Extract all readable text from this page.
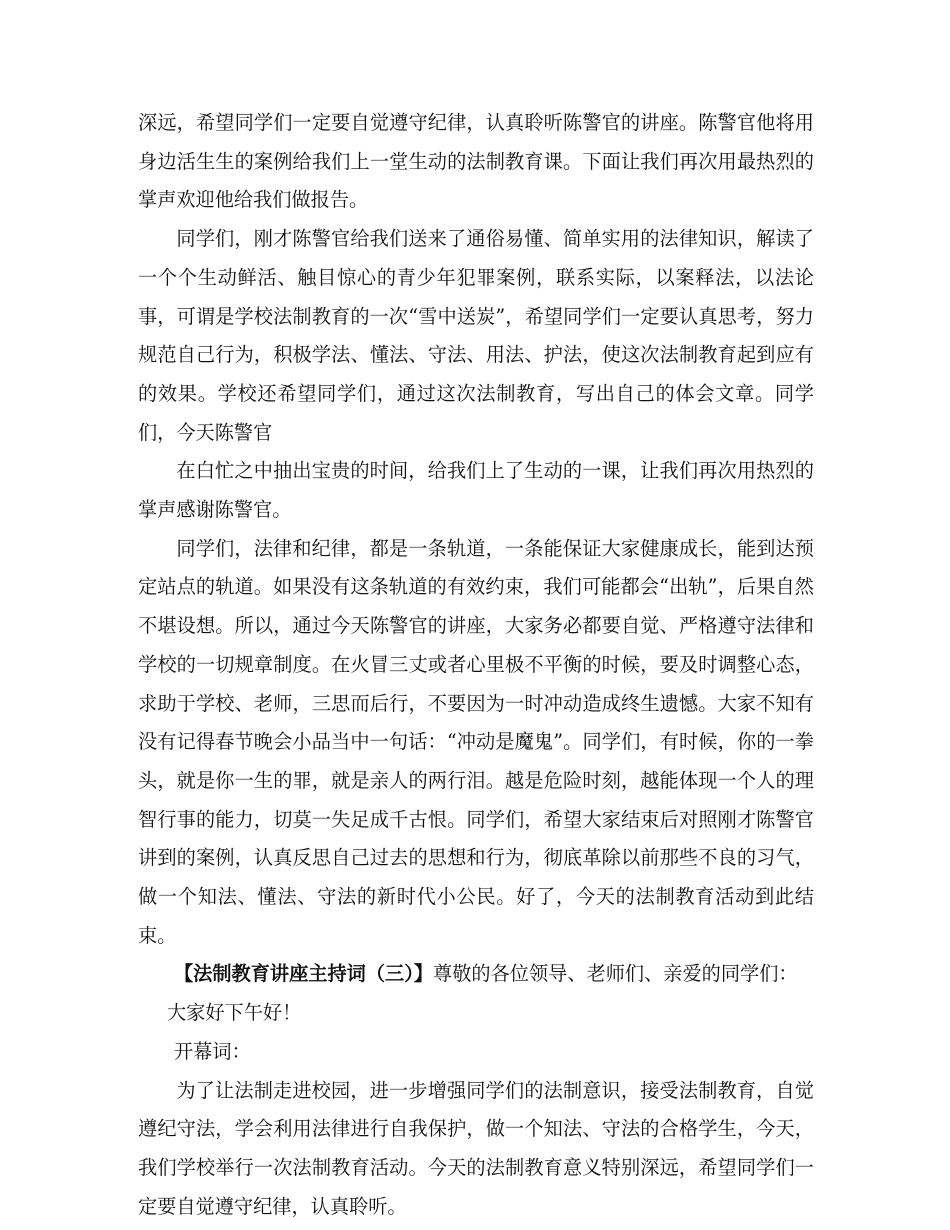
深远，希望同学们一定要自觉遵守纪律，认真聆听陈警官的讲座。陈警官他将用身边活生生的案例给我们上一堂生动的法制教育课。下面让我们再次用最热烈的掌声欢迎他给我们做报告。

同学们，刚才陈警官给我们送来了通俗易懂、简单实用的法律知识，解读了一个个生动鲜活、触目惊心的青少年犯罪案例，联系实际，以案释法，以法论事，可谓是学校法制教育的一次“雪中送炭”，希望同学们一定要认真思考，努力规范自己行为，积极学法、懂法、守法、用法、护法，使这次法制教育起到应有的效果。学校还希望同学们，通过这次法制教育，写出自己的体会文章。同学们，今天陈警官

在白忙之中抽出宝贵的时间，给我们上了生动的一课，让我们再次用热烈的掌声感谢陈警官。

同学们，法律和纪律，都是一条轨道，一条能保证大家健康成长，能到达预定站点的轨道。如果没有这条轨道的有效约束，我们可能都会“出轨”，后果自然不堪设想。所以，通过今天陈警官的讲座，大家务必都要自觉、严格遵守法律和学校的一切规章制度。在火冒三丈或者心里极不平衡的时候，要及时调整心态，求助于学校、老师，三思而后行，不要因为一时冲动造成终生遗憾。大家不知有没有记得春节晚会小品当中一句话：“冲动是魔鬼”。同学们，有时候，你的一拳头，就是你一生的罪，就是亲人的两行泪。越是危险时刻，越能体现一个人的理智行事的能力，切莫一失足成千古恨。同学们，希望大家结束后对照刚才陈警官讲到的案例，认真反思自己过去的思想和行为，彻底革除以前那些不良的习气，做一个知法、懂法、守法的新时代小公民。好了，今天的法制教育活动到此结束。

【法制教育讲座主持词（三）】尊敬的各位领导、老师们、亲爱的同学们：

大家好下午好！

开幕词：

为了让法制走进校园，进一步增强同学们的法制意识，接受法制教育，自觉遵纪守法，学会利用法律进行自我保护，做一个知法、守法的合格学生，今天，我们学校举行一次法制教育活动。今天的法制教育意义特别深远，希望同学们一定要自觉遵守纪律，认真聆听。
